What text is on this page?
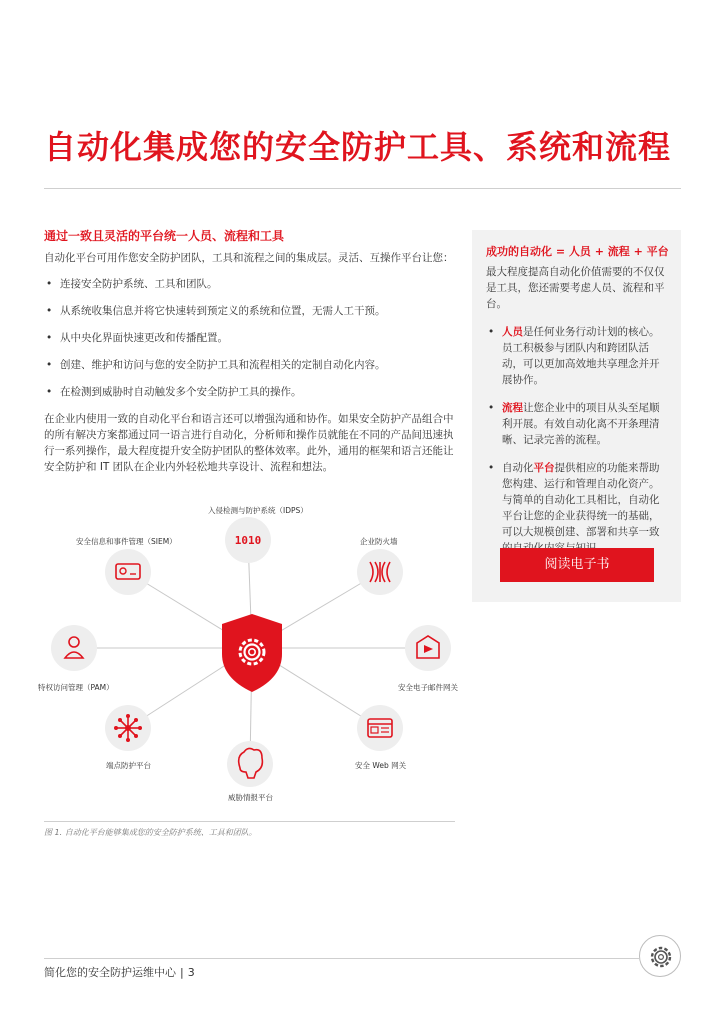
自动化集成您的安全防护工具、系统和流程
通过一致且灵活的平台统一人员、流程和工具

自动化平台可用作您安全防护团队，工具和流程之间的集成层。灵活、互操作平台让您：

• 连接安全防护系统、工具和团队。
• 从系统收集信息并将它快速转到预定义的系统和位置，无需人工干预。
• 从中央化界面快速更改和传播配置。
• 创建、维护和访问与您的安全防护工具和流程相关的定制自动化内容。
• 在检测到威胁时自动触发多个安全防护工具的操作。

在企业内使用一致的自动化平台和语言还可以增强沟通和协作。如果安全防护产品组合中的所有解决方案都通过同一语言进行自动化，分析师和操作员就能在不同的产品间迅速执行一系列操作，最大程度提升安全防护团队的整体效率。此外，通用的框架和语言还能让安全防护和 IT 团队在企业内外轻松地共享设计、流程和想法。

成功的自动化 = 人员 + 流程 + 平台

最大程度提高自动化价值需要的不仅仅是工具，您还需要考虑人员、流程和平台。

• 人员是任何业务行动计划的核心。员工积极参与团队内和跨团队活动，可以更加高效地共享理念并开展协作。
• 流程让您企业中的项目从头至尾顺利开展。有效自动化离不开条理清晰、记录完善的流程。
• 自动化平台提供相应的功能来帮助您构建、运行和管理自动化资产。与简单的自动化工具相比，自动化平台让您的企业获得统一的基础，可以大规模创建、部署和共享一致
阅读电子书
1010
入侵检测与防护系统（IDPS）
安全信息和事件管理（SIEM）	企业防火墙
特权访问管理（PAM）	安全电子邮件网关
端点防护平台	安全 Web 网关
威胁情报平台
图 1. 自动化平台能够集成您的安全防护系统、工具和团队。
简化您的安全防护运维中心 | 3
